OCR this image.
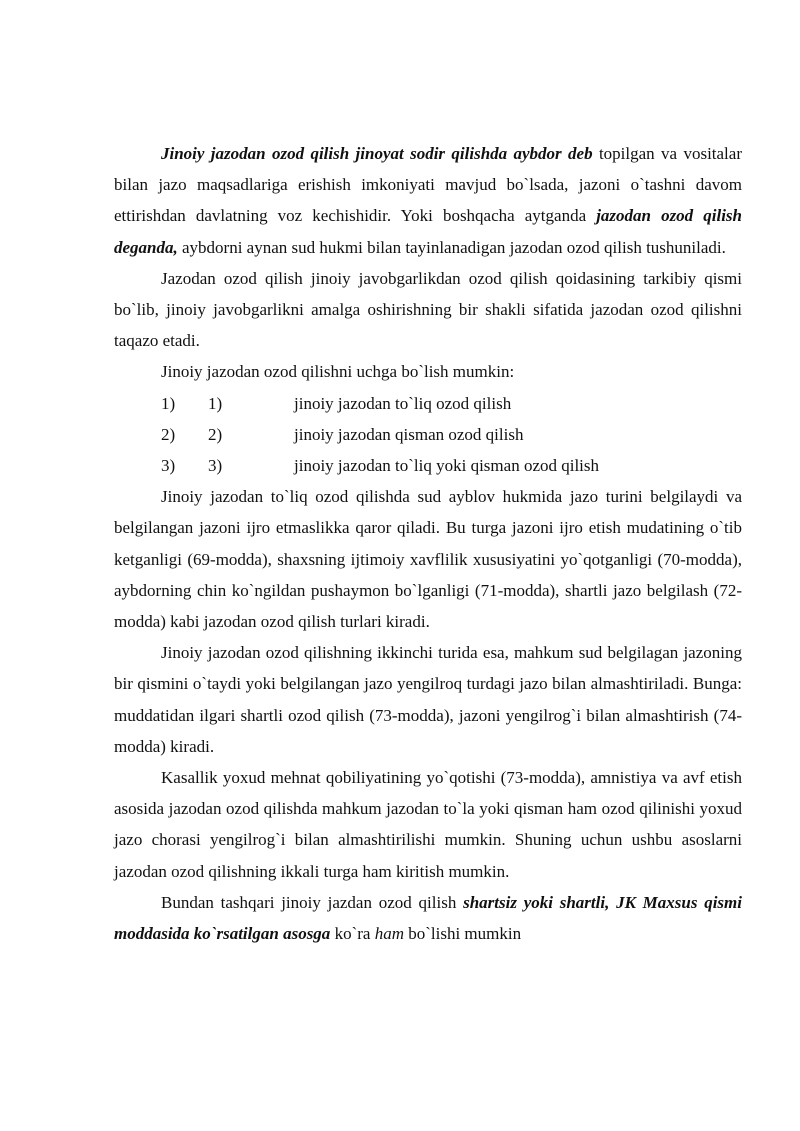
Jinoiy jazodan ozod qilish jinoyat sodir qilishda aybdor deb topilgan va vositalar bilan jazo maqsadlariga erishish imkoniyati mavjud bo`lsada, jazoni o`tashni davom ettirishdan davlatning voz kechishidir. Yoki boshqacha aytganda jazodan ozod qilish deganda, aybdorni aynan sud hukmi bilan tayinlanadigan jazodan ozod qilish tushuniladi.

Jazodan ozod qilish jinoiy javobgarlikdan ozod qilish qoidasining tarkibiy qismi bo`lib, jinoiy javobgarlikni amalga oshirishning bir shakli sifatida jazodan ozod qilishni taqazo etadi.

Jinoiy jazodan ozod qilishni uchga bo`lish mumkin:

1) 1)	jinoiy jazodan to`liq ozod qilish
2) 2)	jinoiy jazodan qisman ozod qilish
3) 3)	jinoiy jazodan to`liq yoki qisman ozod qilish

Jinoiy jazodan to`liq ozod qilishda sud ayblov hukmida jazo turini belgilaydi va belgilangan jazoni ijro etmaslikka qaror qiladi. Bu turga jazoni ijro etish mudatining o`tib ketganligi (69-modda), shaxsning ijtimoiy xavflilik xususiyatini yo`qotganligi (70-modda), aybdorning chin ko`ngildan pushaymon bo`lganligi (71-modda), shartli jazo belgilash (72-modda) kabi jazodan ozod qilish turlari kiradi.

Jinoiy jazodan ozod qilishning ikkinchi turida esa, mahkum sud belgilagan jazoning bir qismini o`taydi yoki belgilangan jazo yengilroq turdagi jazo bilan almashtiriladi. Bunga: muddatidan ilgari shartli ozod qilish (73-modda), jazoni yengilrog`i bilan almashtirish (74-modda) kiradi.

Kasallik yoxud mehnat qobiliyatining yo`qotishi (73-modda), amnistiya va avf etish asosida jazodan ozod qilishda mahkum jazodan to`la yoki qisman ham ozod qilinishi yoxud jazo chorasi yengilrog`i bilan almashtirilishi mumkin. Shuning uchun ushbu asoslarni jazodan ozod qilishning ikkali turga ham kiritish mumkin.

Bundan tashqari jinoiy jazdan ozod qilish shartsiz yoki shartli, JK Maxsus qismi moddasida ko`rsatilgan asosga ko`ra ham bo`lishi mumkin
